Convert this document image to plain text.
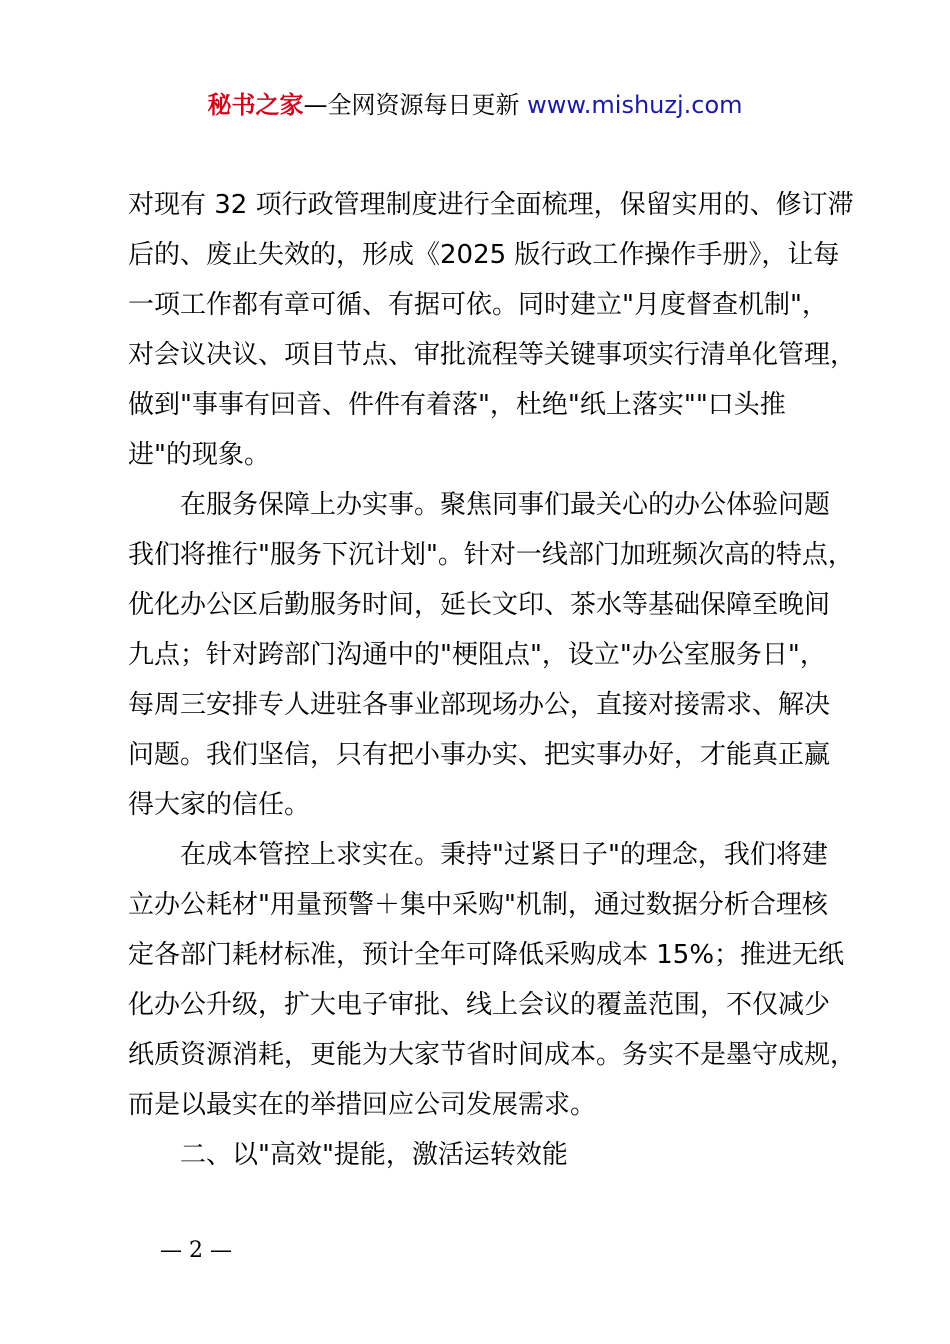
秘书之家—全网资源每日更新 www.mishuzj.com
对现有 32 项行政管理制度进行全面梳理，保留实用的、修订滞
后的、废止失效的，形成《2025 版行政工作操作手册》，让每
一项工作都有章可循、有据可依。同时建立"月度督查机制"，
对会议决议、项目节点、审批流程等关键事项实行清单化管理，
做到"事事有回音、件件有着落"，杜绝"纸上落实""口头推
进"的现象。
在服务保障上办实事。聚焦同事们最关心的办公体验问题
我们将推行"服务下沉计划"。针对一线部门加班频次高的特点，
优化办公区后勤服务时间，延长文印、茶水等基础保障至晚间
九点；针对跨部门沟通中的"梗阻点"，设立"办公室服务日"，
每周三安排专人进驻各事业部现场办公，直接对接需求、解决
问题。我们坚信，只有把小事办实、把实事办好，才能真正赢
得大家的信任。
在成本管控上求实在。秉持"过紧日子"的理念，我们将建
立办公耗材"用量预警＋集中采购"机制，通过数据分析合理核
定各部门耗材标准，预计全年可降低采购成本 15%；推进无纸
化办公升级，扩大电子审批、线上会议的覆盖范围，不仅减少
纸质资源消耗，更能为大家节省时间成本。务实不是墨守成规，
而是以最实在的举措回应公司发展需求。
二、以"高效"提能，激活运转效能
— 2 —
